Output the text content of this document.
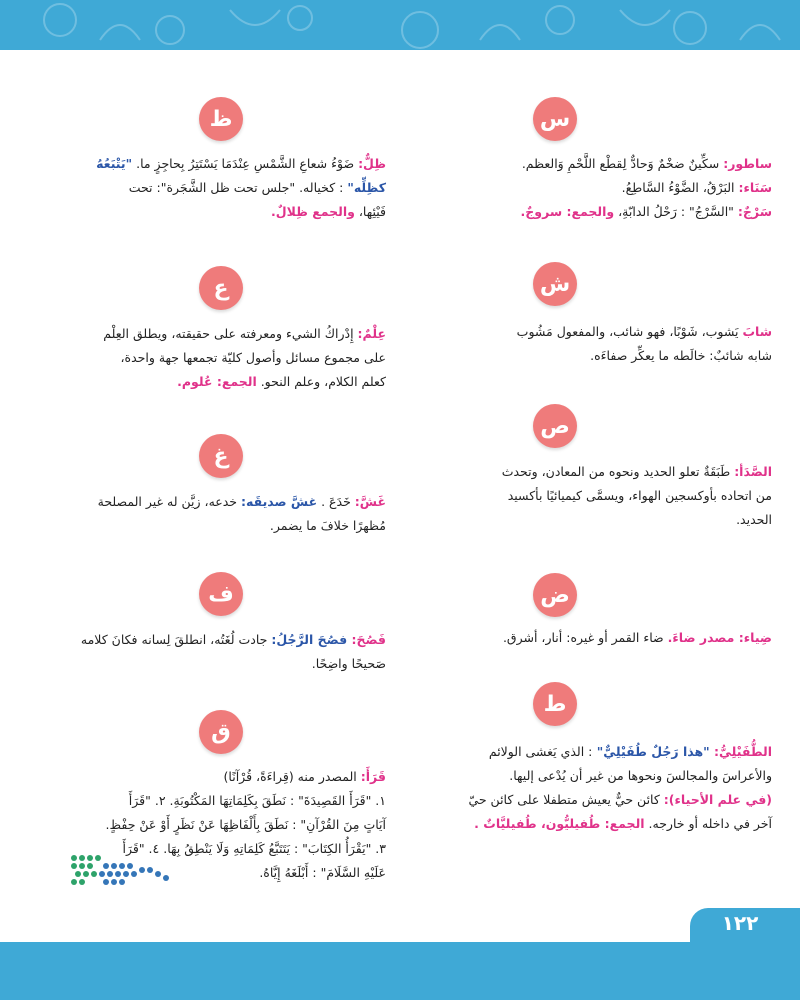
س

ساطور: سكِّينٌ ضخْمٌ وَحادٌّ لِقطْع اللَّحْمِ وَالعظم.

سَنَاء: البَرْقُ، الضَّوْءُ السَّاطِعُ.

سَرْجٌ: "السَّرْجُ" : رَحْلُ الدابّةِ، والجمع: سروجٌ.

ش

شابَ يَشوب، شَوْبًا، فهو شائب، والمفعول مَشُوب

شابه شائبٌ: خالَطه ما يعكِّر صفاءَه.

ص

الصَّدَأ: طَبَقَةٌ تعلو الحديد ونحوه من المعادن، وتحدث

من اتحاده بأوكسجين الهواء، ويسمَّى كيميائيًا بأكسيد

الحديد.

ض

ضِياء: مصدر ضاءَ. ضاء القمر أو غيره: أنار، أشرق.

ط

الطُّفَيْلِيُّ: "هذا رَجُلٌ طُفَيْلِيٌّ" : الذي يَغشى الولائم

والأعراسَ والمجالسَ ونحوها من غير أن يُدْعى إليها.

(في علم الأحياء): كائن حيٌّ يعيش متطفلا على كائن حيّ

آخر في داخله أو خارجه. الجمع: طُفيليُّون، طُفيليَّاتٌ .

ظ

ظِلٌّ: ضَوْءُ شعاعِ الشَّمْسِ عِنْدَمَا يَسْتَتِرُ بِحاجِزٍ ما. "يَتْبَعُهُ

كظِلِّه" : كخياله. "جلس تحت ظل الشَّجَرة": تحت

فَيْئِها، والجمع ظِلالٌ.

ع

عِلْمٌ: إِدْراكُ الشيء ومعرفته على حقيقته، ويطلق العِلْم

على مجموع مسائل وأصول كليّة تجمعها جهة واحدة،

كعلم الكلام، وعلم النحو. الجمع: عُلوم.

غ

غَشَّ: خَدَعَ . غشَّ صديقَه: خدعه، زيَّن له غير المصلحة

مُظهرًا خلافَ ما يضمر.

ف

فَصُحَ: فصُحَ الرَّجُلُ: جادت لُغَتُه، انطلقَ لِسانه فكانَ كلامه

صَحيحًا واضِحًا.

ق

قَرَأَ: المصدر منه (قِراءَةً، قُرْآنًا)

١. "قَرَأَ القَصِيدَةَ" : نَطَقَ بِكَلِمَاتِهَا المَكْتُوبَةِ. ٢. "قَرَأَ

آيَاتٍ مِنَ القُرْآنِ" : نَطَقَ بِأَلْفَاظِهَا عَنْ نَظَرٍ أَوْ عَنْ حِفْظٍ.

٣. "يَقْرَأُ الكِتَابَ" : يَتَتَبَّعُ كَلِمَاتِهِ وَلَا يَنْطِقُ بِهَا. ٤. "قَرَأَ

عَلَيْهِ السَّلَامَ" : أَبْلَغَهُ إِيَّاهُ.

١٢٢
